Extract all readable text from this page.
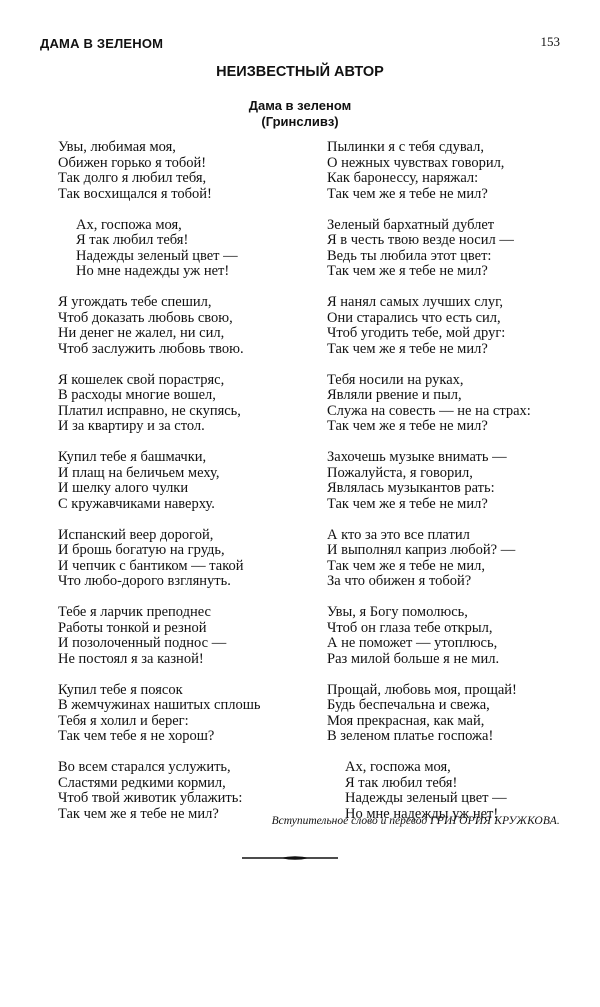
ДАМА В ЗЕЛЕНОМ	153
НЕИЗВЕСТНЫЙ АВТОР
Дама в зеленом
(Гринсливз)
Увы, любимая моя,
Обижен горько я тобой!
Так долго я любил тебя,
Так восхищался я тобой!
Ах, госпожа моя,
Я так любил тебя!
Надежды зеленый цвет —
Но мне надежды уж нет!
Я угождать тебе спешил,
Чтоб доказать любовь свою,
Ни денег не жалел, ни сил,
Чтоб заслужить любовь твою.
Я кошелек свой порастряс,
В расходы многие вошел,
Платил исправно, не скупясь,
И за квартиру и за стол.
Купил тебе я башмачки,
И плащ на беличьем меху,
И шелку алого чулки
С кружавчиками наверху.
Испанский веер дорогой,
И брошь богатую на грудь,
И чепчик с бантиком — такой
Что любо-дорого взглянуть.
Тебе я ларчик преподнес
Работы тонкой и резной
И позолоченный поднос —
Не постоял я за казной!
Купил тебе я поясок
В жемчужинах нашитых сплошь
Тебя я холил и берег:
Так чем тебе я не хорош?
Во всем старался услужить,
Сластями редкими кормил,
Чтоб твой животик ублажить:
Так чем же я тебе не мил?
Пылинки я с тебя сдувал,
О нежных чувствах говорил,
Как баронессу, наряжал:
Так чем же я тебе не мил?
Зеленый бархатный дублет
Я в честь твою везде носил —
Ведь ты любила этот цвет:
Так чем же я тебе не мил?
Я нанял самых лучших слуг,
Они старались что есть сил,
Чтоб угодить тебе, мой друг:
Так чем же я тебе не мил?
Тебя носили на руках,
Являли рвение и пыл,
Служа на совесть — не на страх:
Так чем же я тебе не мил?
Захочешь музыке внимать —
Пожалуйста, я говорил,
Являлась музыкантов рать:
Так чем же я тебе не мил?
А кто за это все платил
И выполнял каприз любой? —
Так чем же я тебе не мил,
За что обижен я тобой?
Увы, я Богу помолюсь,
Чтоб он глаза тебе открыл,
А не поможет — утоплюсь,
Раз милой больше я не мил.
Прощай, любовь моя, прощай!
Будь беспечальна и свежа,
Моя прекрасная, как май,
В зеленом платье госпожа!
Ах, госпожа моя,
Я так любил тебя!
Надежды зеленый цвет —
Но мне надежды уж нет!
Вступительное слово и перевод ГРИГОРИЯ КРУЖКОВА.
